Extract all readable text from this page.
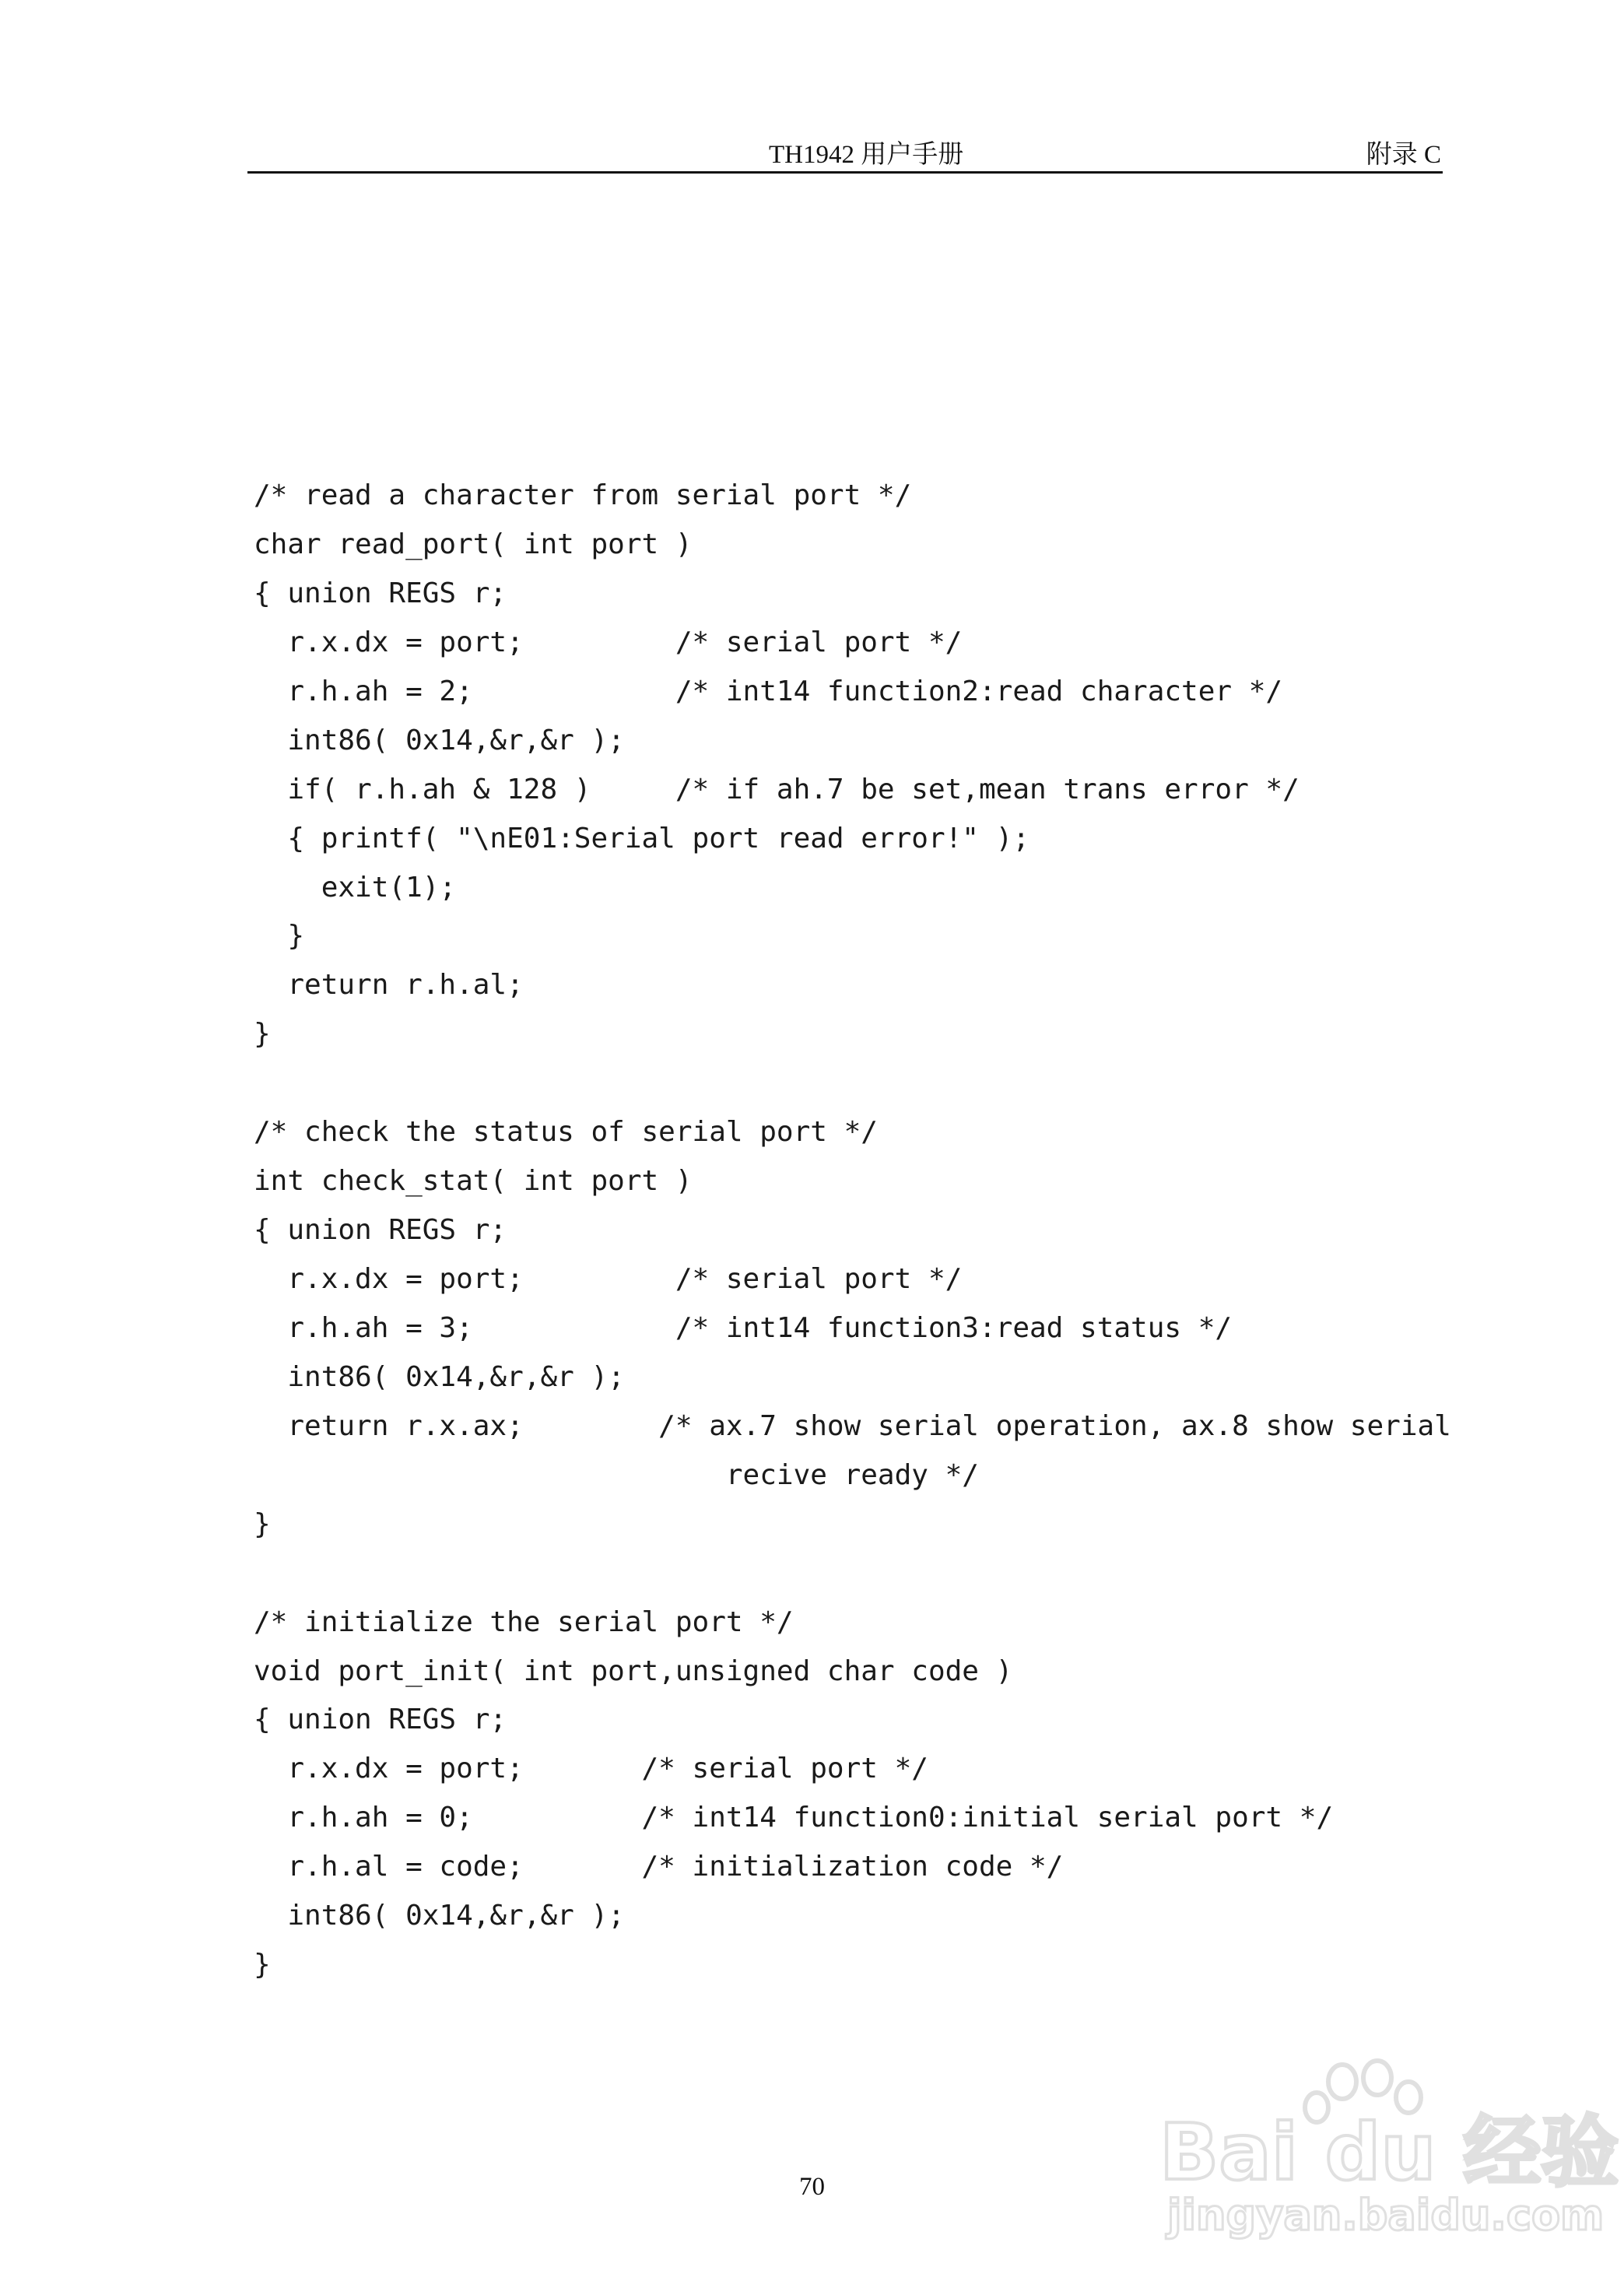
TH1942 用户手册	附录 C
/* read a character from serial port */
char read_port( int port )
{ union REGS r;
r.x.dx = port;         /* serial port */
r.h.ah = 2;            /* int14 function2:read character */
int86( 0x14,&r,&r );
if( r.h.ah & 128 )     /* if ah.7 be set,mean trans error */
{ printf( "\nE01:Serial port read error!" );
exit(1);
}
return r.h.al;
}
/* check the status of serial port */
int check_stat( int port )
{ union REGS r;
r.x.dx = port;         /* serial port */
r.h.ah = 3;            /* int14 function3:read status */
int86( 0x14,&r,&r );
return r.x.ax;        /* ax.7 show serial operation, ax.8 show serial
recive ready */
}
/* initialize the serial port */
void port_init( int port,unsigned char code )
{ union REGS r;
r.x.dx = port;       /* serial port */
r.h.ah = 0;          /* int14 function0:initial serial port */
r.h.al = code;       /* initialization code */
int86( 0x14,&r,&r );
}
70	Bai du 经验
jingyan.baidu.com
